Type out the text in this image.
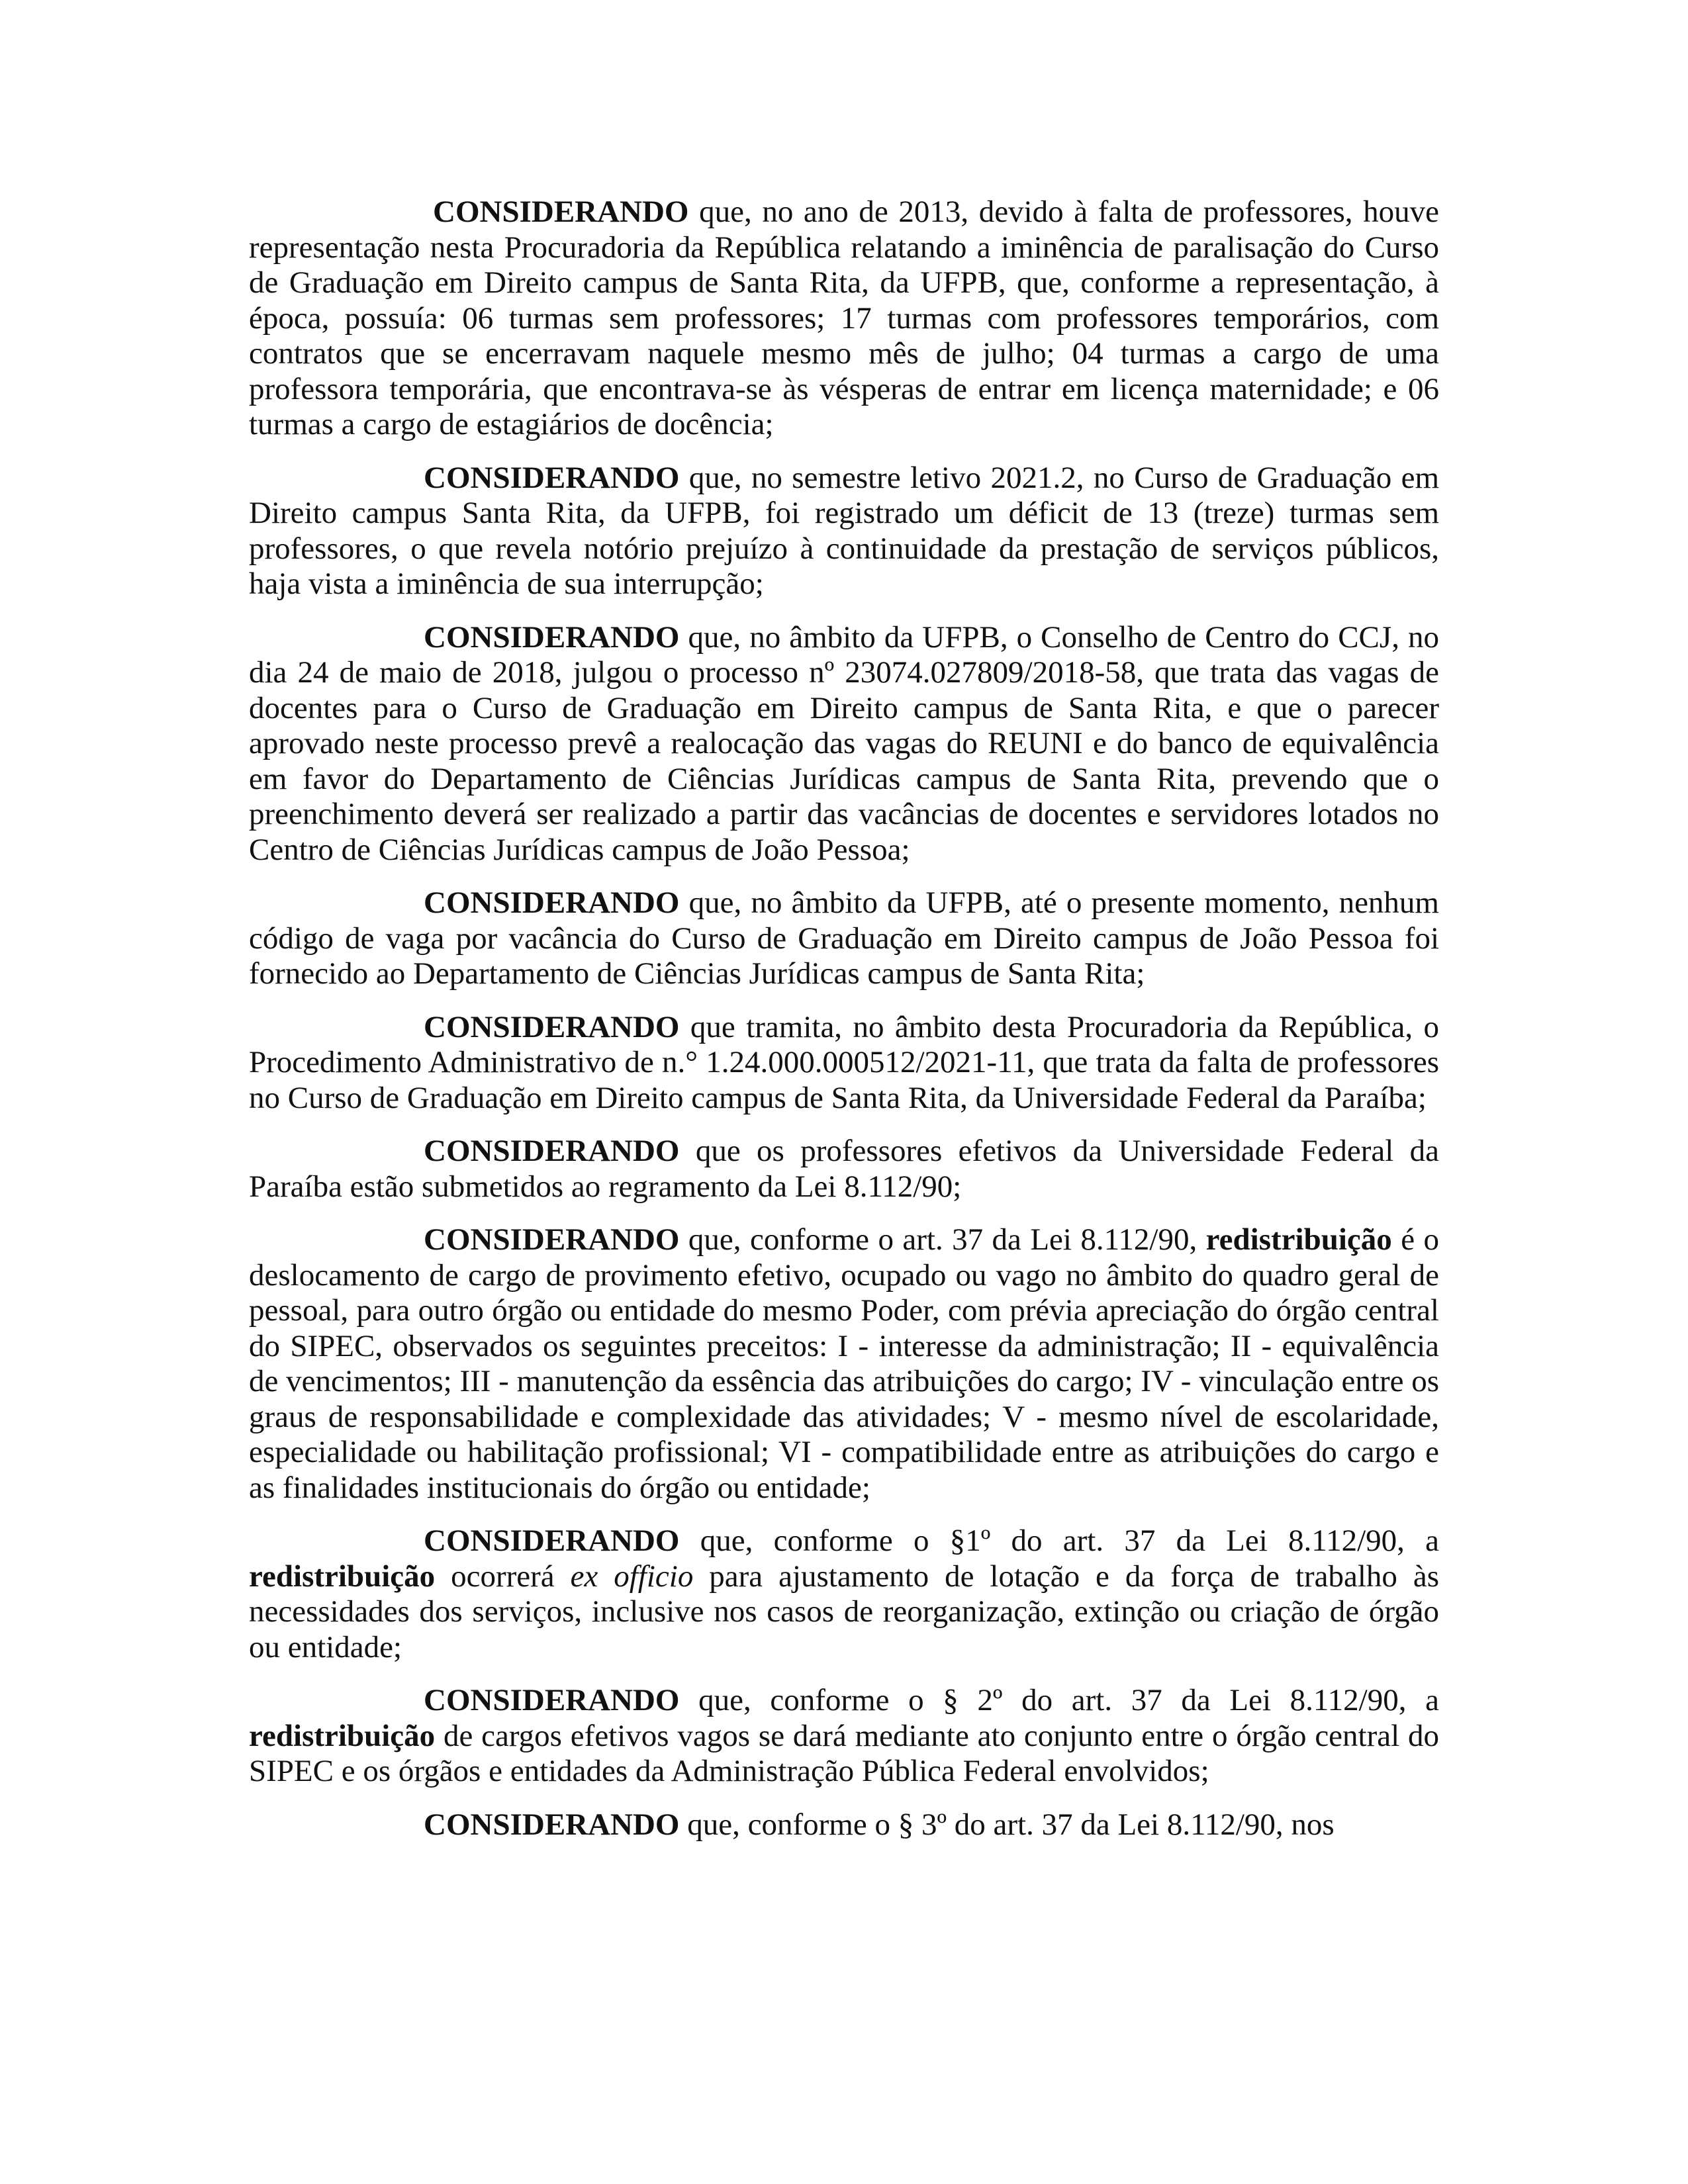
CONSIDERANDO que, no ano de 2013, devido à falta de professores, houve representação nesta Procuradoria da República relatando a iminência de paralisação do Curso de Graduação em Direito campus de Santa Rita, da UFPB, que, conforme a representação, à época, possuía: 06 turmas sem professores; 17 turmas com professores temporários, com contratos que se encerravam naquele mesmo mês de julho; 04 turmas a cargo de uma professora temporária, que encontrava-se às vésperas de entrar em licença maternidade; e 06 turmas a cargo de estagiários de docência;

CONSIDERANDO que, no semestre letivo 2021.2, no Curso de Graduação em Direito campus Santa Rita, da UFPB, foi registrado um déficit de 13 (treze) turmas sem professores, o que revela notório prejuízo à continuidade da prestação de serviços públicos, haja vista a iminência de sua interrupção;

CONSIDERANDO que, no âmbito da UFPB, o Conselho de Centro do CCJ, no dia 24 de maio de 2018, julgou o processo nº 23074.027809/2018-58, que trata das vagas de docentes para o Curso de Graduação em Direito campus de Santa Rita, e que o parecer aprovado neste processo prevê a realocação das vagas do REUNI e do banco de equivalência em favor do Departamento de Ciências Jurídicas campus de Santa Rita, prevendo que o preenchimento deverá ser realizado a partir das vacâncias de docentes e servidores lotados no Centro de Ciências Jurídicas campus de João Pessoa;

CONSIDERANDO que, no âmbito da UFPB, até o presente momento, nenhum código de vaga por vacância do Curso de Graduação em Direito campus de João Pessoa foi fornecido ao Departamento de Ciências Jurídicas campus de Santa Rita;

CONSIDERANDO que tramita, no âmbito desta Procuradoria da República, o Procedimento Administrativo de n.° 1.24.000.000512/2021-11, que trata da falta de professores no Curso de Graduação em Direito campus de Santa Rita, da Universidade Federal da Paraíba;

CONSIDERANDO que os professores efetivos da Universidade Federal da Paraíba estão submetidos ao regramento da Lei 8.112/90;

CONSIDERANDO que, conforme o art. 37 da Lei 8.112/90, redistribuição é o deslocamento de cargo de provimento efetivo, ocupado ou vago no âmbito do quadro geral de pessoal, para outro órgão ou entidade do mesmo Poder, com prévia apreciação do órgão central do SIPEC, observados os seguintes preceitos: I - interesse da administração; II - equivalência de vencimentos; III - manutenção da essência das atribuições do cargo; IV - vinculação entre os graus de responsabilidade e complexidade das atividades; V - mesmo nível de escolaridade, especialidade ou habilitação profissional; VI - compatibilidade entre as atribuições do cargo e as finalidades institucionais do órgão ou entidade;

CONSIDERANDO que, conforme o §1º do art. 37 da Lei 8.112/90, a redistribuição ocorrerá ex officio para ajustamento de lotação e da força de trabalho às necessidades dos serviços, inclusive nos casos de reorganização, extinção ou criação de órgão ou entidade;

CONSIDERANDO que, conforme o § 2º do art. 37 da Lei 8.112/90, a redistribuição de cargos efetivos vagos se dará mediante ato conjunto entre o órgão central do SIPEC e os órgãos e entidades da Administração Pública Federal envolvidos;

CONSIDERANDO que, conforme o § 3º do art. 37 da Lei 8.112/90, nos
